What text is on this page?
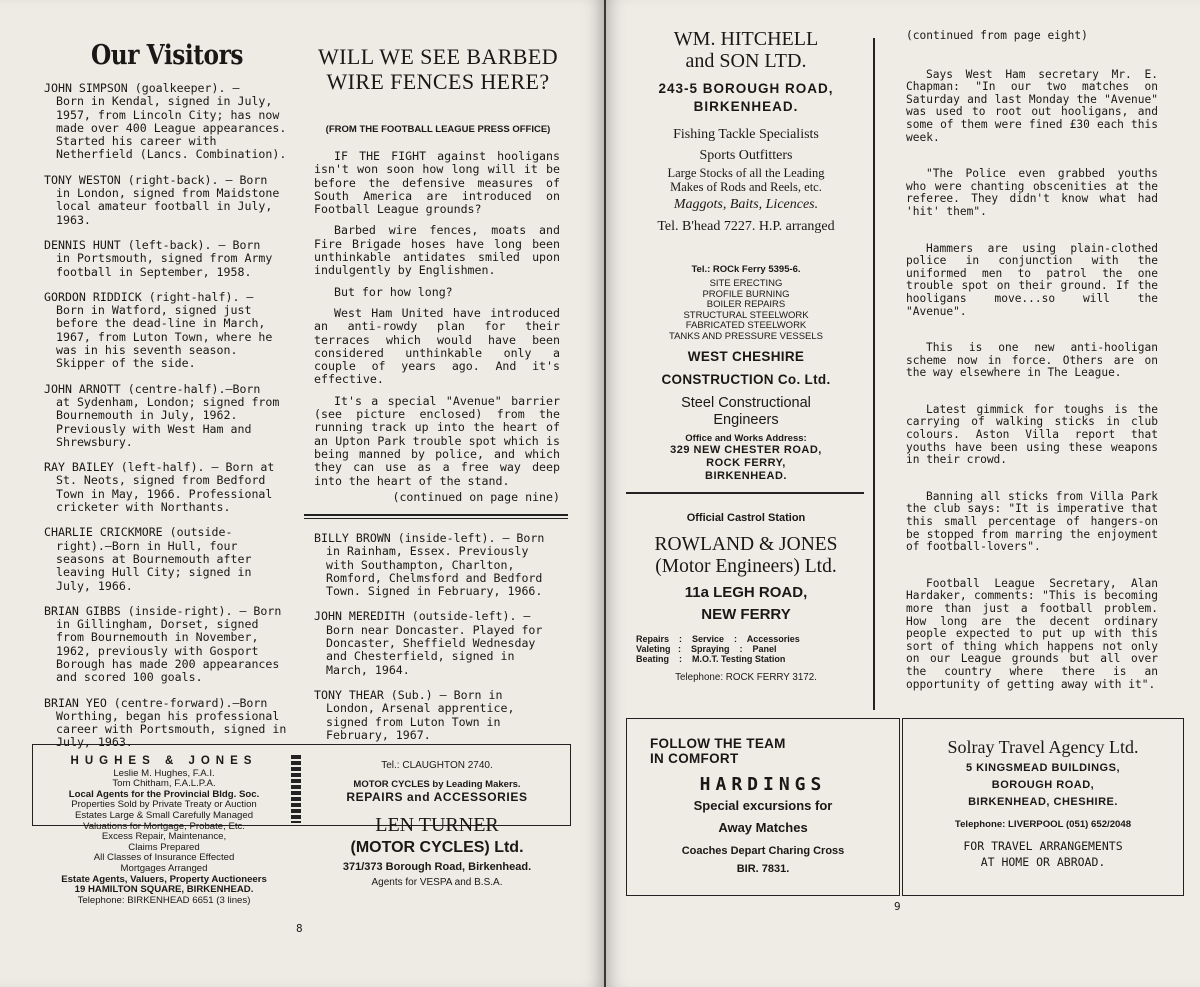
Our Visitors
JOHN SIMPSON (goalkeeper). —
Born in Kendal, signed in July, 1957, from Lincoln City; has now made over 400 League appearances. Started his career with Netherfield (Lancs. Combination).
TONY WESTON (right-back). — Born
in London, signed from Maidstone local amateur football in July, 1963.
DENNIS HUNT (left-back). — Born
in Portsmouth, signed from Army football in September, 1958.
GORDON RIDDICK (right-half). —
Born in Watford, signed just before the dead-line in March, 1967, from Luton Town, where he was in his seventh season. Skipper of the side.
JOHN ARNOTT (centre-half).—Born
at Sydenham, London; signed from Bournemouth in July, 1962. Previously with West Ham and Shrewsbury.
RAY BAILEY (left-half). — Born at
St. Neots, signed from Bedford Town in May, 1966. Professional cricketer with Northants.
CHARLIE CRICKMORE (outside-
right).—Born in Hull, four seasons at Bournemouth after leaving Hull City; signed in July, 1966.
BRIAN GIBBS (inside-right). — Born
in Gillingham, Dorset, signed from Bournemouth in November, 1962, previously with Gosport Borough has made 200 appearances and scored 100 goals.
BRIAN YEO (centre-forward).—Born
Worthing, began his professional career with Portsmouth, signed in July, 1963.
WILL WE SEE BARBED WIRE FENCES HERE?
(FROM THE FOOTBALL LEAGUE PRESS OFFICE)

IF THE FIGHT against hooligans isn't won soon how long will it be before the defensive measures of South America are introduced on Football League grounds?

Barbed wire fences, moats and Fire Brigade hoses have long been unthinkable antidates smiled upon indulgently by Englishmen.

But for how long?

West Ham United have introduced an anti-rowdy plan for their terraces which would have been considered unthinkable only a couple of years ago. And it's effective.

It's a special "Avenue" barrier (see picture enclosed) from the running track up into the heart of an Upton Park trouble spot which is being manned by police, and which they can use as a free way deep into the heart of the stand.

(continued on page nine)
BILLY BROWN (inside-left). — Born
in Rainham, Essex. Previously with Southampton, Charlton, Romford, Chelmsford and Bedford Town. Signed in February, 1966.
JOHN MEREDITH (outside-left). —
Born near Doncaster. Played for Doncaster, Sheffield Wednesday and Chesterfield, signed in March, 1964.
TONY THEAR (Sub.) — Born in
London, Arsenal apprentice, signed from Luton Town in February, 1967.
HUGHES & JONES
Leslie M. Hughes, F.A.I.
Tom Chitham, F.A.L.P.A.
Local Agents for the Provincial Bldg. Soc.
Properties Sold by Private Treaty or Auction
Estates Large & Small Carefully Managed
Valuations for Mortgage, Probate, Etc.
Excess Repair, Maintenance,
Claims Prepared
All Classes of Insurance Effected
Mortgages Arranged
Estate Agents, Valuers, Property Auctioneers
19 HAMILTON SQUARE, BIRKENHEAD.
Telephone: BIRKENHEAD 6651 (3 lines)
Tel.: CLAUGHTON 2740.
MOTOR CYCLES by Leading Makers.
REPAIRS and ACCESSORIES
LEN TURNER
(MOTOR CYCLES) Ltd.
371/373 Borough Road, Birkenhead.
Agents for VESPA and B.S.A.
8
WM. HITCHELL
and SON LTD.
243-5 BOROUGH ROAD,
BIRKENHEAD.
Fishing Tackle Specialists
Sports Outfitters
Large Stocks of all the Leading
Makes of Rods and Reels, etc.
Maggots, Baits, Licences.
Tel. B'head 7227. H.P. arranged
Tel.: ROCk Ferry 5395-6.
SITE ERECTING
PROFILE BURNING
BOILER REPAIRS
STRUCTURAL STEELWORK
FABRICATED STEELWORK
TANKS AND PRESSURE VESSELS
WEST CHESHIRE
CONSTRUCTION Co. Ltd.
Steel Constructional
Engineers
Office and Works Address:
329 NEW CHESTER ROAD,
ROCK FERRY,
BIRKENHEAD.
Official Castrol Station
ROWLAND & JONES
(Motor Engineers) Ltd.
11a LEGH ROAD,
NEW FERRY
Repairs    :    Service    :    Accessories
Valeting   :    Spraying    :    Panel
Beating    :    M.O.T. Testing Station
Telephone: ROCK FERRY 3172.
(continued from page eight)

Says West Ham secretary Mr. E. Chapman: "In our two matches on Saturday and last Monday the "Avenue" was used to root out hooligans, and some of them were fined £30 each this week.

"The Police even grabbed youths who were chanting obscenities at the referee. They didn't know what had 'hit' them".

Hammers are using plain-clothed police in conjunction with the uniformed men to patrol the one trouble spot on their ground. If the hooligans move...so will the "Avenue".

This is one new anti-hooligan scheme now in force. Others are on the way elsewhere in The League.

Latest gimmick for toughs is the carrying of walking sticks in club colours. Aston Villa report that youths have been using these weapons in their crowd.

Banning all sticks from Villa Park the club says: "It is imperative that this small percentage of hangers-on be stopped from marring the enjoyment of football-lovers".

Football League Secretary, Alan Hardaker, comments: "This is becoming more than just a football problem. How long are the decent ordinary people expected to put up with this sort of thing which happens not only on our League grounds but all over the country where there is an opportunity of getting away with it".

FOLLOW THE TEAM
IN COMFORT
HARDINGS
Special excursions for
Away Matches
Coaches Depart Charing Cross
BIR. 7831.
Solray Travel Agency Ltd.
5 KINGSMEAD BUILDINGS,
BOROUGH ROAD,
BIRKENHEAD, CHESHIRE.
Telephone: LIVERPOOL (051) 652/2048
FOR TRAVEL ARRANGEMENTS
AT HOME OR ABROAD.
9
